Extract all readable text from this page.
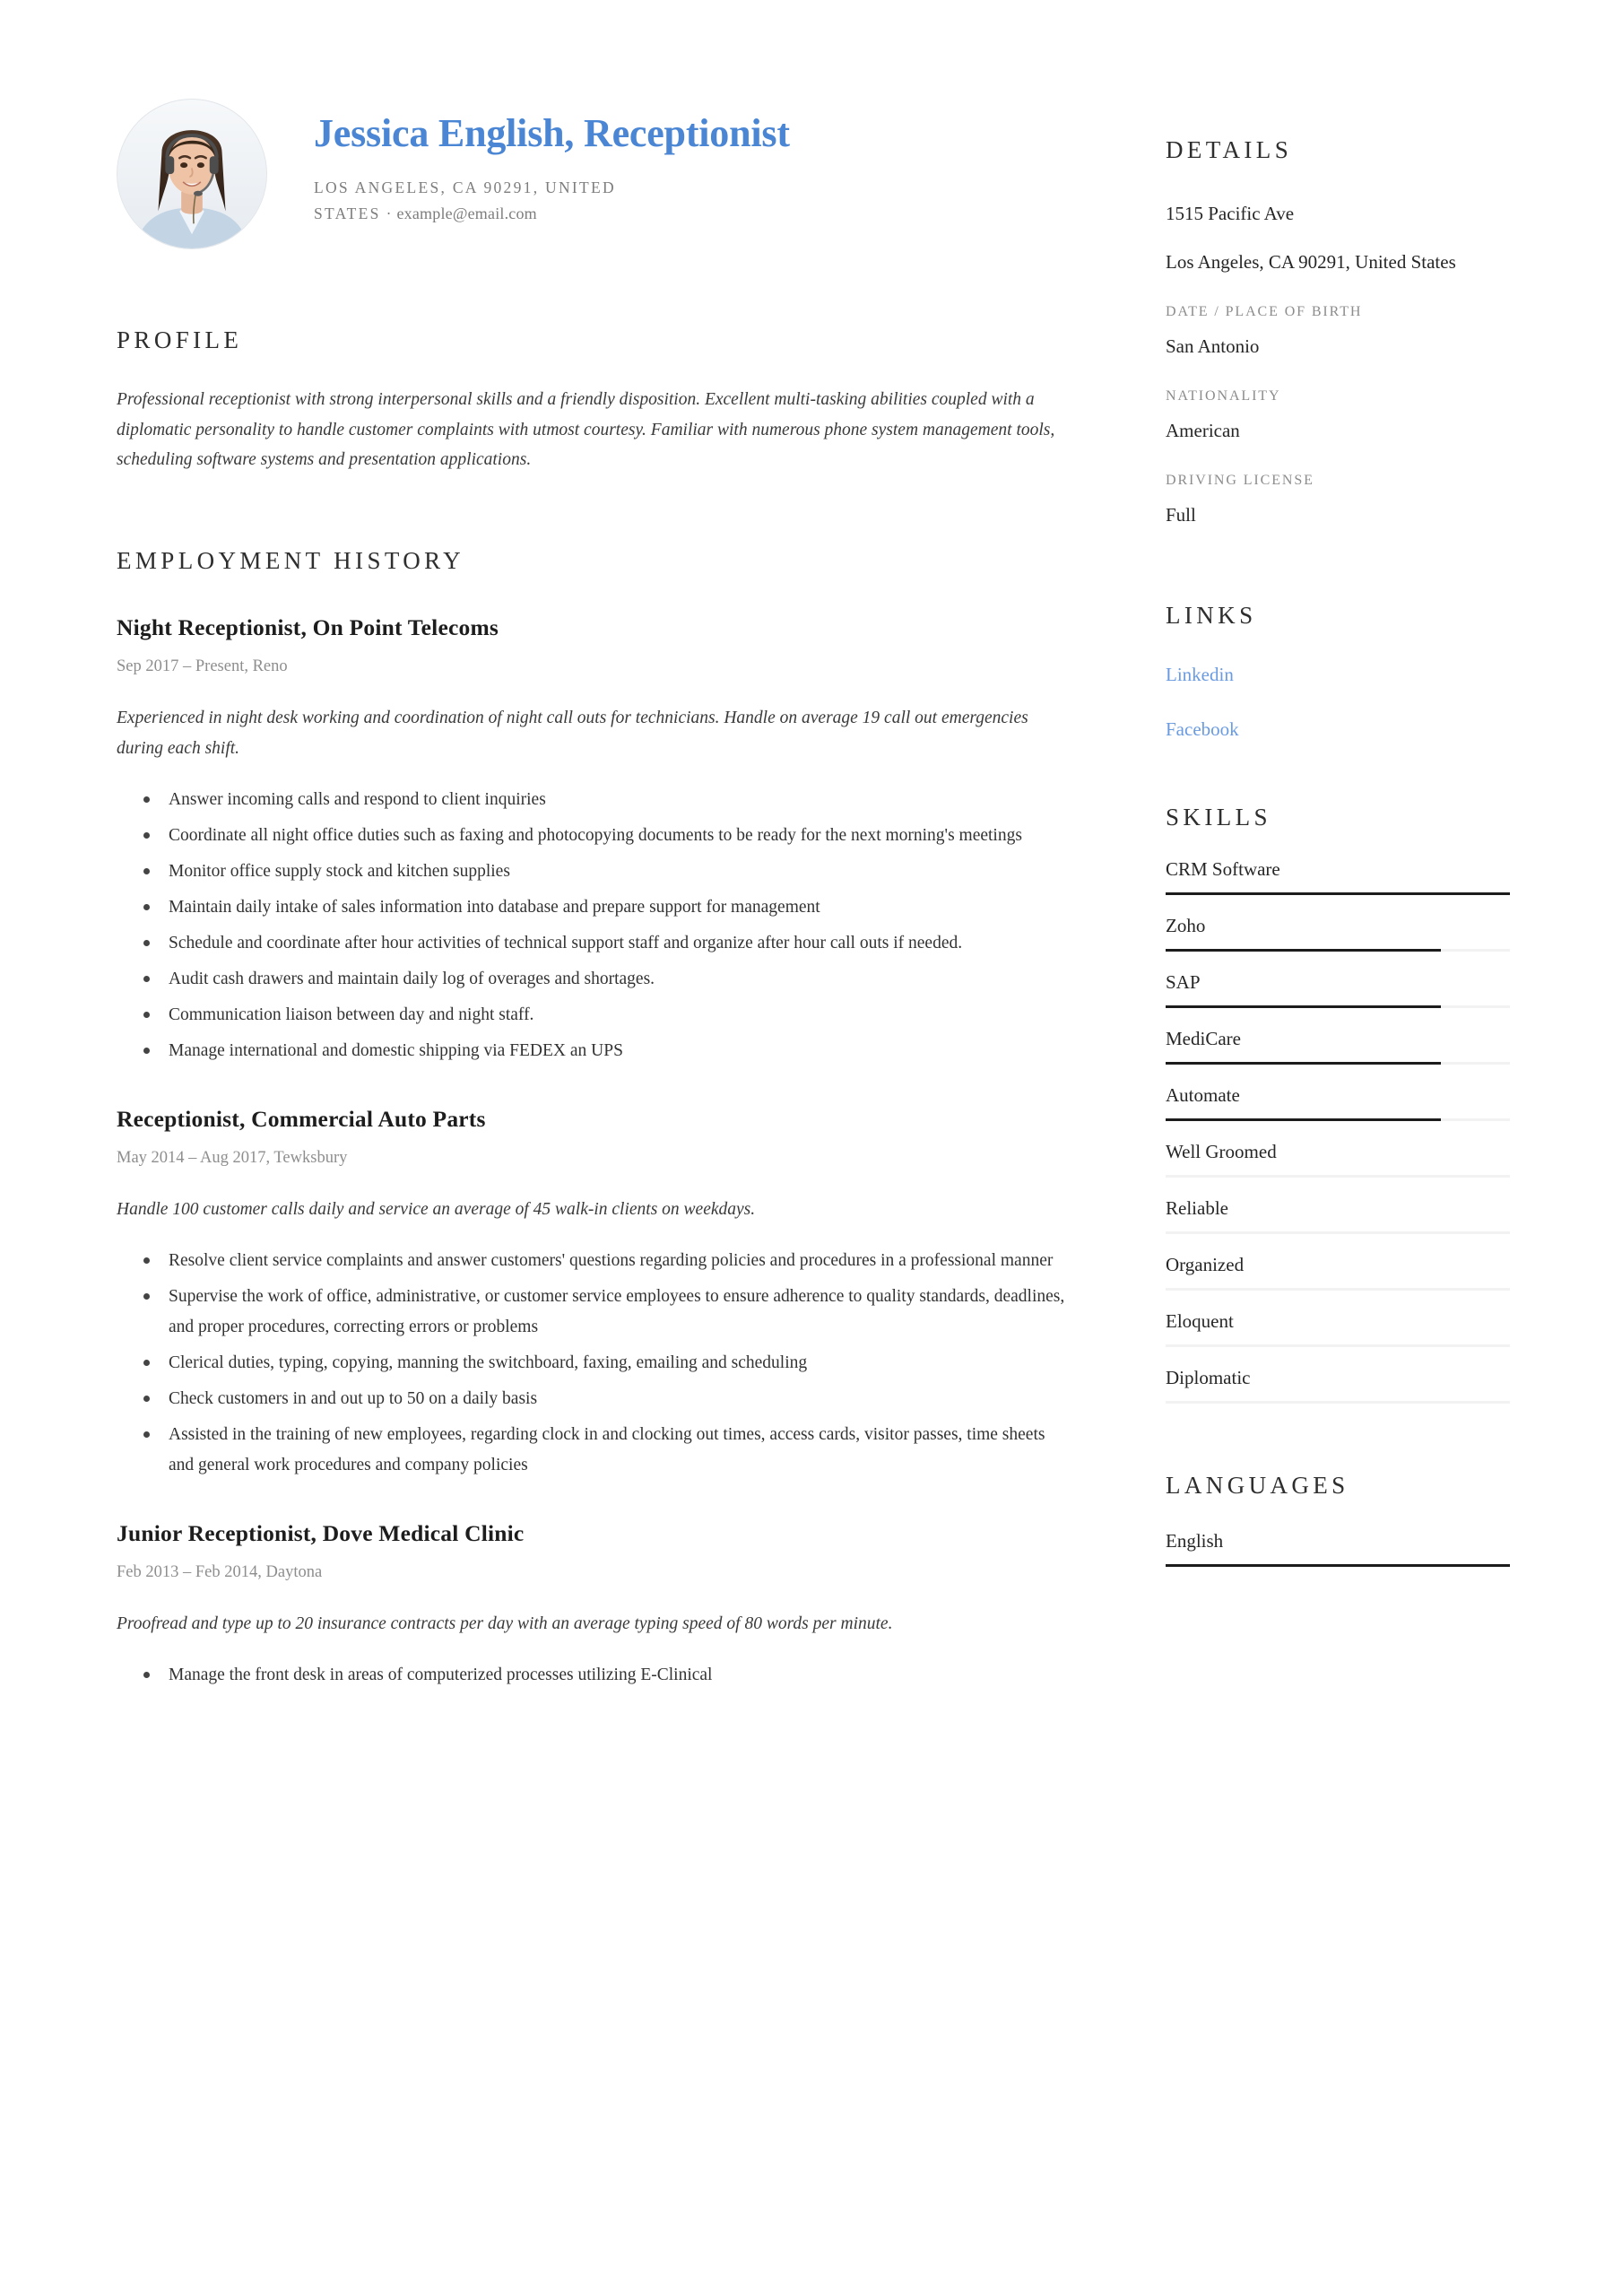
Jessica English, Receptionist
LOS ANGELES, CA 90291, UNITED STATES · example@email.com
PROFILE
Professional receptionist with strong interpersonal skills and a friendly disposition. Excellent multi-tasking abilities coupled with a diplomatic personality to handle customer complaints with utmost courtesy. Familiar with numerous phone system management tools, scheduling software systems and presentation applications.
EMPLOYMENT HISTORY
Night Receptionist, On Point Telecoms
Sep 2017 – Present, Reno
Experienced in night desk working and coordination of night call outs for technicians. Handle on average 19 call out emergencies during each shift.
Answer incoming calls and respond to client inquiries
Coordinate all night office duties such as faxing and photocopying documents to be ready for the next morning's meetings
Monitor office supply stock and kitchen supplies
Maintain daily intake of sales information into database and prepare support for management
Schedule and coordinate after hour activities of technical support staff and organize after hour call outs if needed.
Audit cash drawers and maintain daily log of overages and shortages.
Communication liaison between day and night staff.
Manage international and domestic shipping via FEDEX an UPS
Receptionist, Commercial Auto Parts
May 2014 – Aug 2017, Tewksbury
Handle 100 customer calls daily and service an average of 45 walk-in clients on weekdays.
Resolve client service complaints and answer customers' questions regarding policies and procedures in a professional manner
Supervise the work of office, administrative, or customer service employees to ensure adherence to quality standards, deadlines, and proper procedures, correcting errors or problems
Clerical duties, typing, copying, manning the switchboard, faxing, emailing and scheduling
Check customers in and out up to 50 on a daily basis
Assisted in the training of new employees, regarding clock in and clocking out times, access cards, visitor passes, time sheets and general work procedures and company policies
Junior Receptionist, Dove Medical Clinic
Feb 2013 – Feb 2014, Daytona
Proofread and type up to 20 insurance contracts per day with an average typing speed of 80 words per minute.
Manage the front desk in areas of computerized processes utilizing E-Clinical
DETAILS
1515 Pacific Ave
Los Angeles, CA 90291, United States
DATE / PLACE OF BIRTH
San Antonio
NATIONALITY
American
DRIVING LICENSE
Full
LINKS
Linkedin
Facebook
SKILLS
CRM Software
Zoho
SAP
MediCare
Automate
Well Groomed
Reliable
Organized
Eloquent
Diplomatic
LANGUAGES
English
